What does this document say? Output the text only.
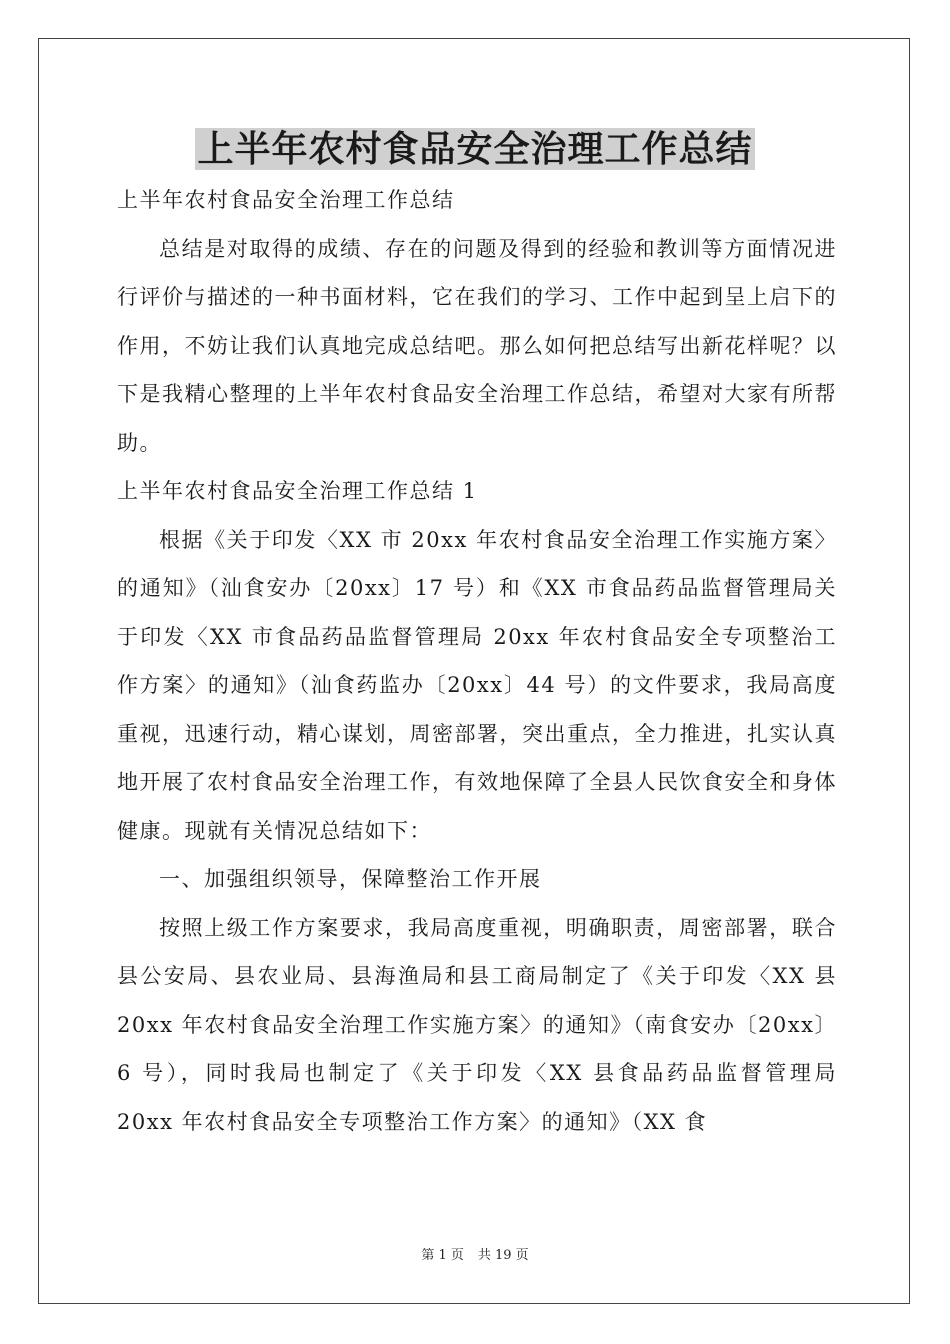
上半年农村食品安全治理工作总结

上半年农村食品安全治理工作总结

总结是对取得的成绩、存在的问题及得到的经验和教训等方面情况进行评价与描述的一种书面材料，它在我们的学习、工作中起到呈上启下的作用，不妨让我们认真地完成总结吧。那么如何把总结写出新花样呢？以下是我精心整理的上半年农村食品安全治理工作总结，希望对大家有所帮助。

上半年农村食品安全治理工作总结 1

根据《关于印发〈XX 市 20xx 年农村食品安全治理工作实施方案〉的通知》（汕食安办〔20xx〕17 号）和《XX 市食品药品监督管理局关于印发〈XX 市食品药品监督管理局 20xx 年农村食品安全专项整治工作方案〉的通知》（汕食药监办〔20xx〕44 号）的文件要求，我局高度重视，迅速行动，精心谋划，周密部署，突出重点，全力推进，扎实认真地开展了农村食品安全治理工作，有效地保障了全县人民饮食安全和身体健康。现就有关情况总结如下：

一、加强组织领导，保障整治工作开展

按照上级工作方案要求，我局高度重视，明确职责，周密部署，联合县公安局、县农业局、县海渔局和县工商局制定了《关于印发〈XX 县 20xx 年农村食品安全治理工作实施方案〉的通知》（南食安办〔20xx〕6 号），同时我局也制定了《关于印发〈XX 县食品药品监督管理局 20xx 年农村食品安全专项整治工作方案〉的通知》（XX 食

第 1 页 共 19 页
